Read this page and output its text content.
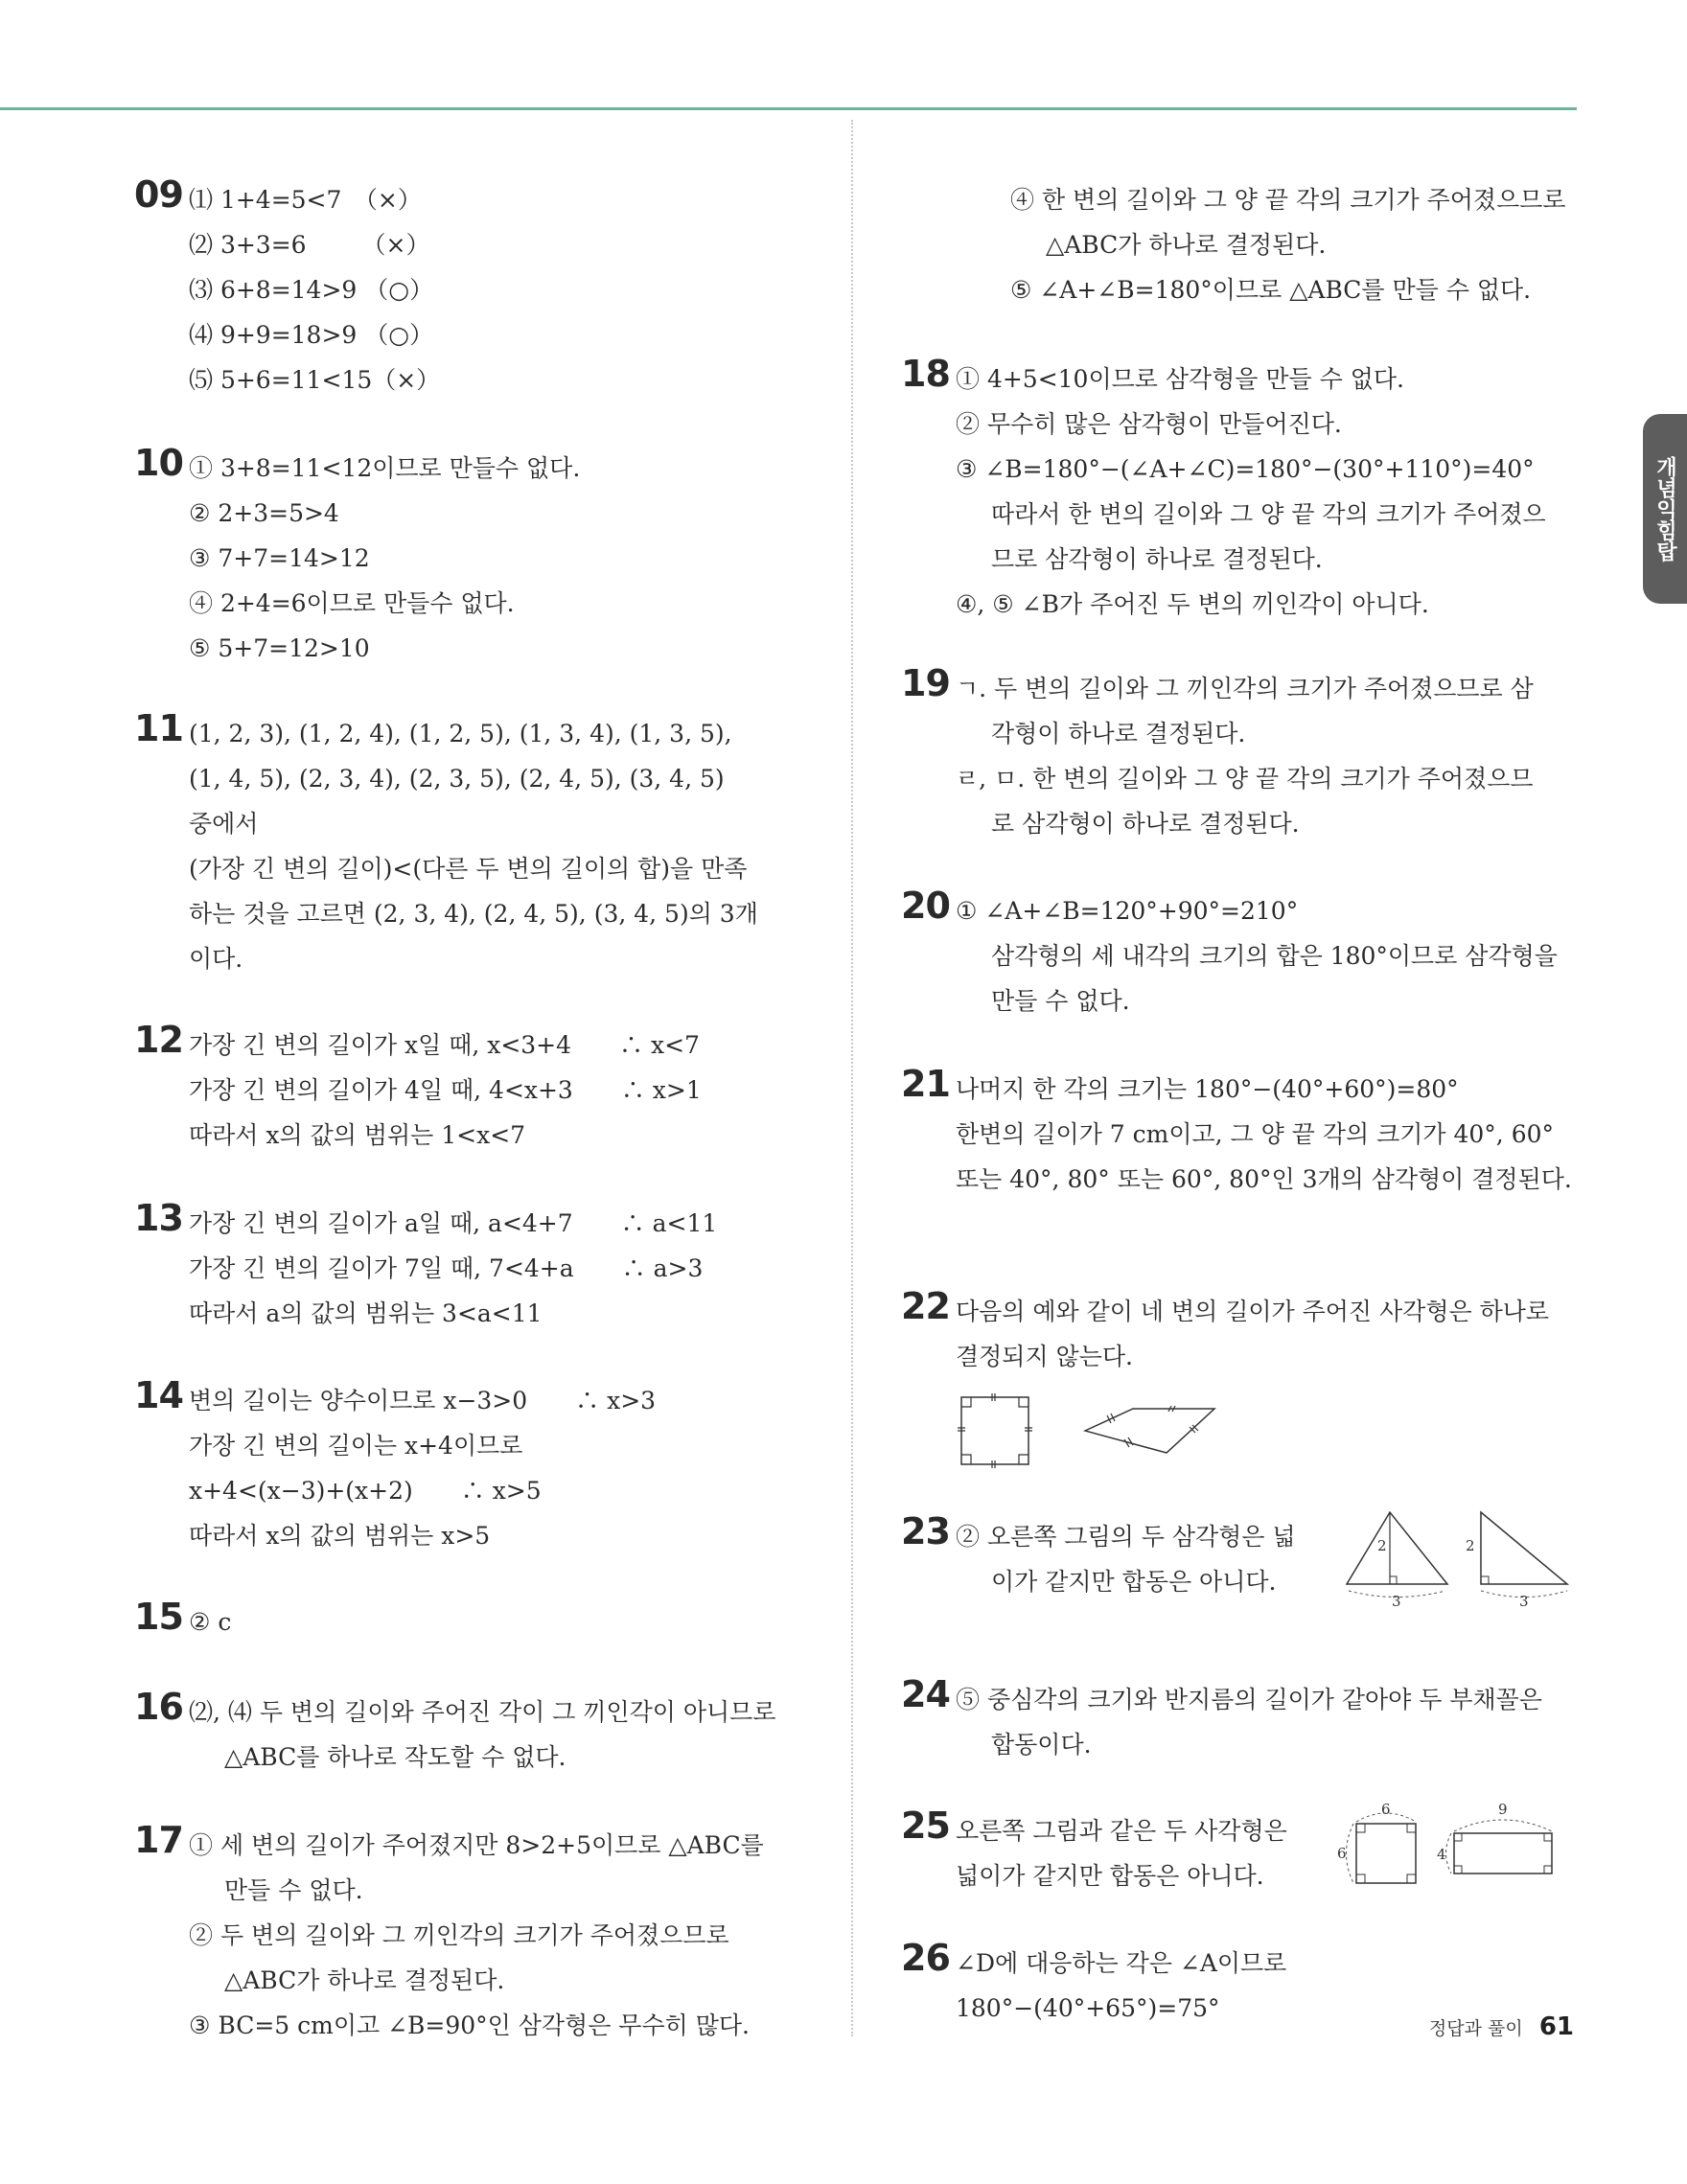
개념익힘탑
09 ⑴ 1+4=5<7　（×）
⑵ 3+3=6　　 （×）
⑶ 6+8=14>9 （○）
⑷ 9+9=18>9 （○）
⑸ 5+6=11<15（×）
10 ① 3+8=11<12이므로 만들수 없다.
② 2+3=5>4
③ 7+7=14>12
④ 2+4=6이므로 만들수 없다.
⑤ 5+7=12>10
11 (1, 2, 3), (1, 2, 4), (1, 2, 5), (1, 3, 4), (1, 3, 5),
(1, 4, 5), (2, 3, 4), (2, 3, 5), (2, 4, 5), (3, 4, 5)
중에서
(가장 긴 변의 길이)<(다른 두 변의 길이의 합)을 만족
하는 것을 고르면 (2, 3, 4), (2, 4, 5), (3, 4, 5)의 3개
이다.
12 가장 긴 변의 길이가 x일 때, x<3+4　　∴ x<7
가장 긴 변의 길이가 4일 때, 4<x+3　　∴ x>1
따라서 x의 값의 범위는 1<x<7
13 가장 긴 변의 길이가 a일 때, a<4+7　　∴ a<11
가장 긴 변의 길이가 7일 때, 7<4+a　　∴ a>3
따라서 a의 값의 범위는 3<a<11
14 변의 길이는 양수이므로 x−3>0　　∴ x>3
가장 긴 변의 길이는 x+4이므로
x+4<(x−3)+(x+2)　　∴ x>5
따라서 x의 값의 범위는 x>5
15 ② c
16 ⑵, ⑷ 두 변의 길이와 주어진 각이 그 끼인각이 아니므로
△ABC를 하나로 작도할 수 없다.
17 ① 세 변의 길이가 주어졌지만 8>2+5이므로 △ABC를
만들 수 없다.
② 두 변의 길이와 그 끼인각의 크기가 주어졌으므로
△ABC가 하나로 결정된다.
③ BC=5 cm이고 ∠B=90°인 삼각형은 무수히 많다.
④ 한 변의 길이와 그 양 끝 각의 크기가 주어졌으므로
△ABC가 하나로 결정된다.
⑤ ∠A+∠B=180°이므로 △ABC를 만들 수 없다.
18 ① 4+5<10이므로 삼각형을 만들 수 없다.
② 무수히 많은 삼각형이 만들어진다.
③ ∠B=180°−(∠A+∠C)=180°−(30°+110°)=40°
따라서 한 변의 길이와 그 양 끝 각의 크기가 주어졌으
므로 삼각형이 하나로 결정된다.
④, ⑤ ∠B가 주어진 두 변의 끼인각이 아니다.
19 ㄱ. 두 변의 길이와 그 끼인각의 크기가 주어졌으므로 삼
각형이 하나로 결정된다.
ㄹ, ㅁ. 한 변의 길이와 그 양 끝 각의 크기가 주어졌으므
로 삼각형이 하나로 결정된다.
20 ① ∠A+∠B=120°+90°=210°
삼각형의 세 내각의 크기의 합은 180°이므로 삼각형을
만들 수 없다.
21 나머지 한 각의 크기는 180°−(40°+60°)=80°
한변의 길이가 7 cm이고, 그 양 끝 각의 크기가 40°, 60°
또는 40°, 80° 또는 60°, 80°인 3개의 삼각형이 결정된다.
22 다음의 예와 같이 네 변의 길이가 주어진 사각형은 하나로
결정되지 않는다.
23 ② 오른쪽 그림의 두 삼각형은 넓
이가 같지만 합동은 아니다.
2
3
2
3
24 ⑤ 중심각의 크기와 반지름의 길이가 같아야 두 부채꼴은
합동이다.
25 오른쪽 그림과 같은 두 사각형은
넓이가 같지만 합동은 아니다.
6
6
9
4
26 ∠D에 대응하는 각은 ∠A이므로
180°−(40°+65°)=75°
정답과 풀이 61
